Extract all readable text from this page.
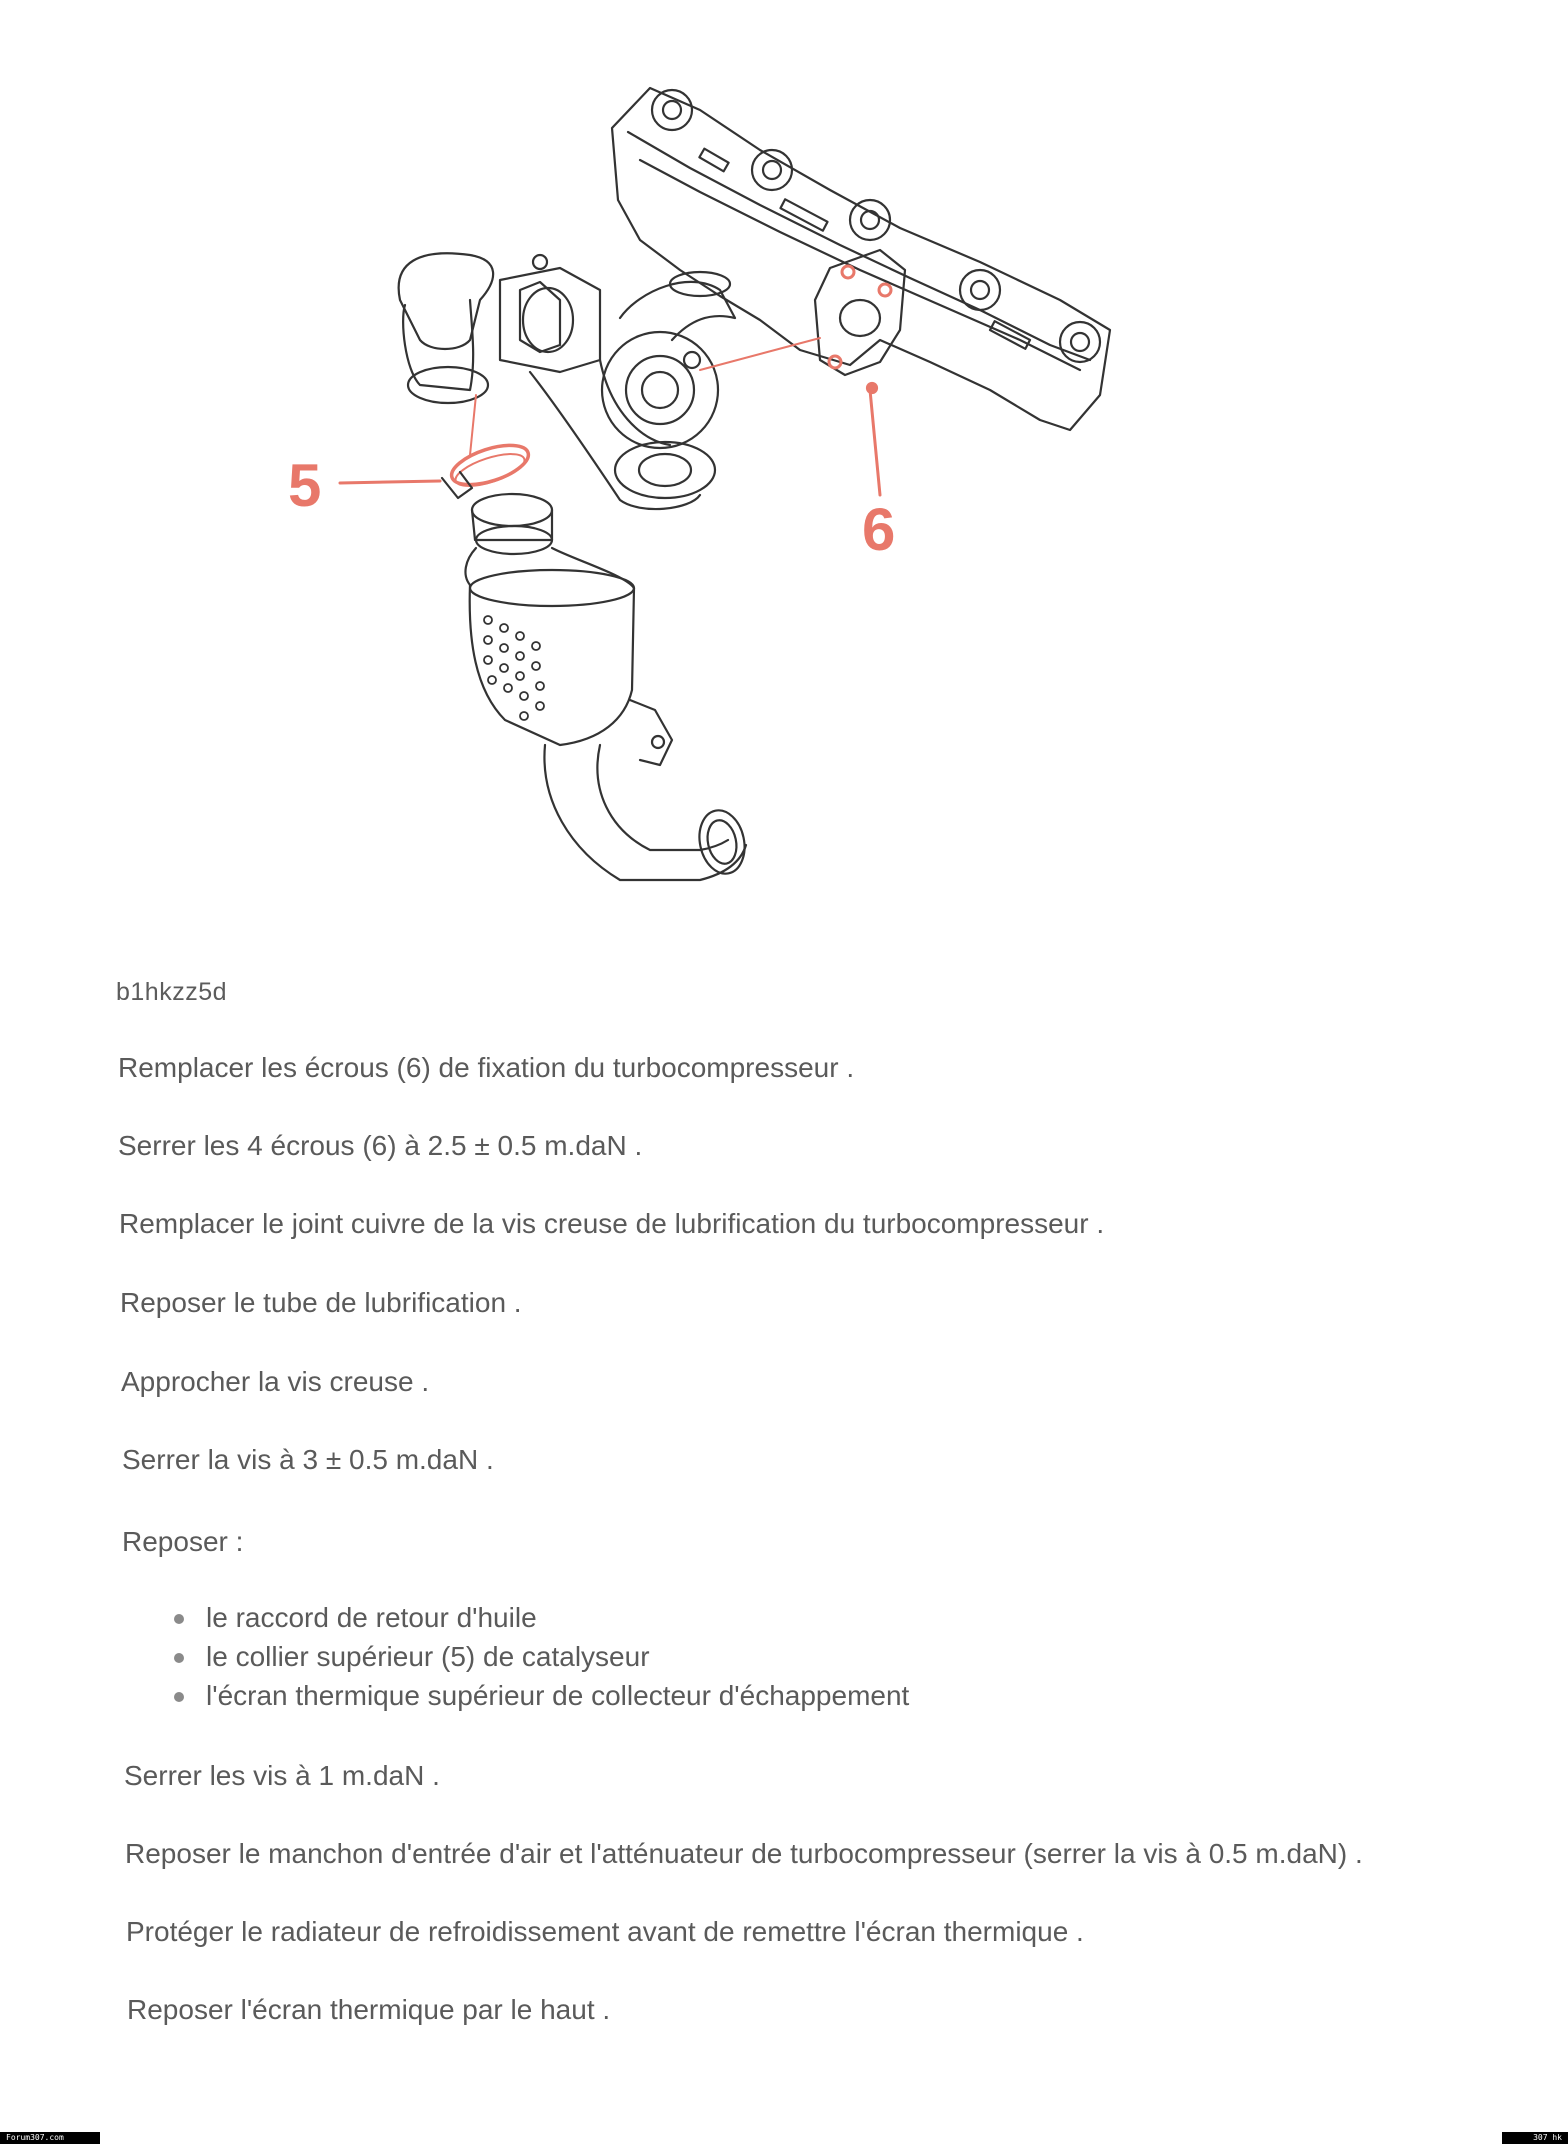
5
6

b1hkzz5d

Remplacer les écrous (6) de fixation du turbocompresseur .

Serrer les 4 écrous (6) à 2.5 ± 0.5 m.daN .

Remplacer le joint cuivre de la vis creuse de lubrification du turbocompresseur .

Reposer le tube de lubrification .

Approcher la vis creuse .

Serrer la vis à 3 ± 0.5 m.daN .

Reposer :

le raccord de retour d'huile
le collier supérieur (5) de catalyseur
l'écran thermique supérieur de collecteur d'échappement

Serrer les vis à 1 m.daN .

Reposer le manchon d'entrée d'air et l'atténuateur de turbocompresseur (serrer la vis à 0.5 m.daN) .

Protéger le radiateur de refroidissement avant de remettre l'écran thermique .

Reposer l'écran thermique par le haut .

Forum307.com	307 hk
